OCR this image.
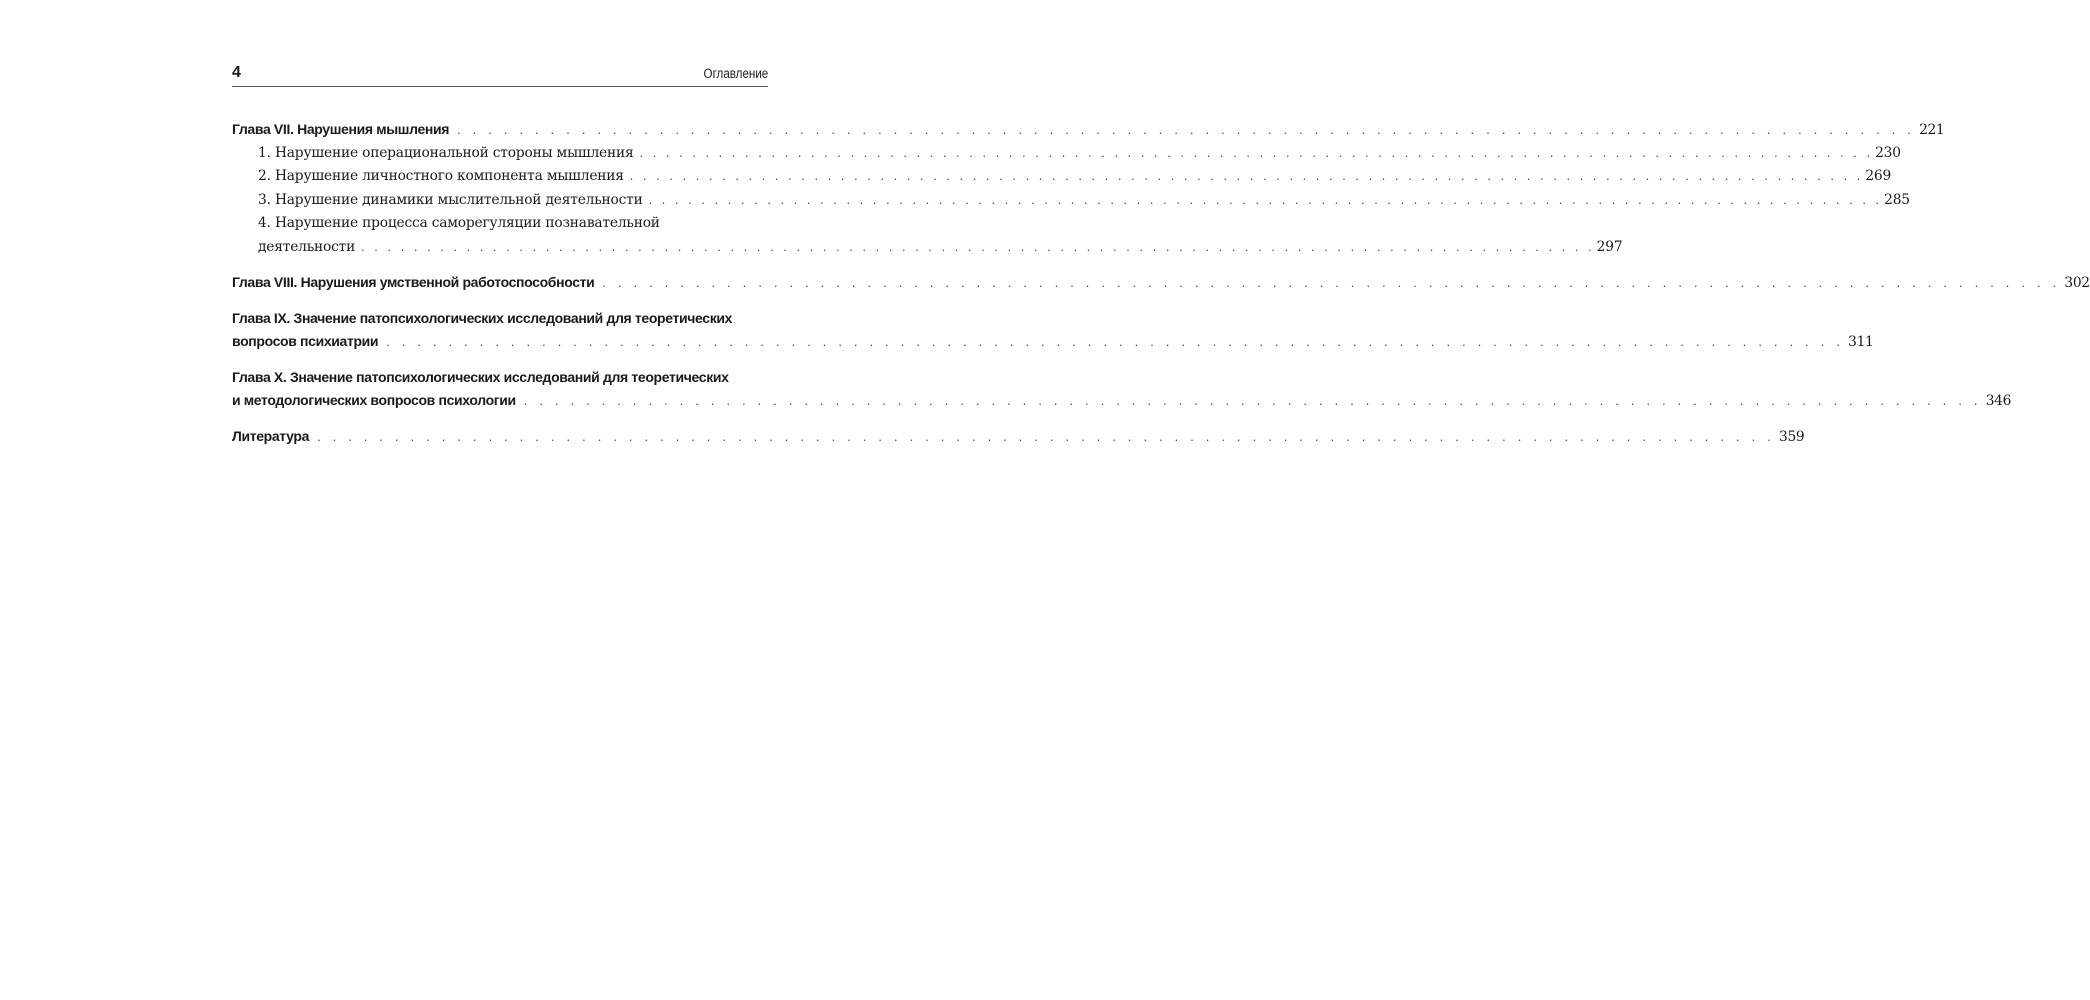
4	Оглавление
Глава VII. Нарушения мышления . . . . . . . . . . . . . . . . . . . . . . . . . . . . . . . . . . . . . . . . . . . . . . . . . . . . . . . . . . . . . . . . . . . . . . . . . . . . . . . . . . . . . . . . . . . . . . 221
1. Нарушение операциональной стороны мышления . . . . . . . . . . . . . . . . . . . . . . . . . . . . . . . . . . . . . . . . . . . . . . . . . . . . . . . . . . . . . . . . . . . . . . . . . . . . . . . . . . . . . . . . . . . . . . 230
2. Нарушение личностного компонента мышления . . . . . . . . . . . . . . . . . . . . . . . . . . . . . . . . . . . . . . . . . . . . . . . . . . . . . . . . . . . . . . . . . . . . . . . . . . . . . . . . . . . . . . . . . . . . . . 269
3. Нарушение динамики мыслительной деятельности . . . . . . . . . . . . . . . . . . . . . . . . . . . . . . . . . . . . . . . . . . . . . . . . . . . . . . . . . . . . . . . . . . . . . . . . . . . . . . . . . . . . . . . . . . . . . . 285
4. Нарушение процесса саморегуляции познавательной
деятельности . . . . . . . . . . . . . . . . . . . . . . . . . . . . . . . . . . . . . . . . . . . . . . . . . . . . . . . . . . . . . . . . . . . . . . . . . . . . . . . . . . . . . . . . . . . . . . 297
Глава VIII. Нарушения умственной работоспособности . . . . . . . . . . . . . . . . . . . . . . . . . . . . . . . . . . . . . . . . . . . . . . . . . . . . . . . . . . . . . . . . . . . . . . . . . . . . . . . . . . . . . . . . . . . . . . 302
Глава IX. Значение патопсихологических исследований для теоретических
вопросов психиатрии . . . . . . . . . . . . . . . . . . . . . . . . . . . . . . . . . . . . . . . . . . . . . . . . . . . . . . . . . . . . . . . . . . . . . . . . . . . . . . . . . . . . . . . . . . . . . . 311
Глава X. Значение патопсихологических исследований для теоретических
и методологических вопросов психологии . . . . . . . . . . . . . . . . . . . . . . . . . . . . . . . . . . . . . . . . . . . . . . . . . . . . . . . . . . . . . . . . . . . . . . . . . . . . . . . . . . . . . . . . . . . . . . 346
Литература . . . . . . . . . . . . . . . . . . . . . . . . . . . . . . . . . . . . . . . . . . . . . . . . . . . . . . . . . . . . . . . . . . . . . . . . . . . . . . . . . . . . . . . . . . . . . . 359
